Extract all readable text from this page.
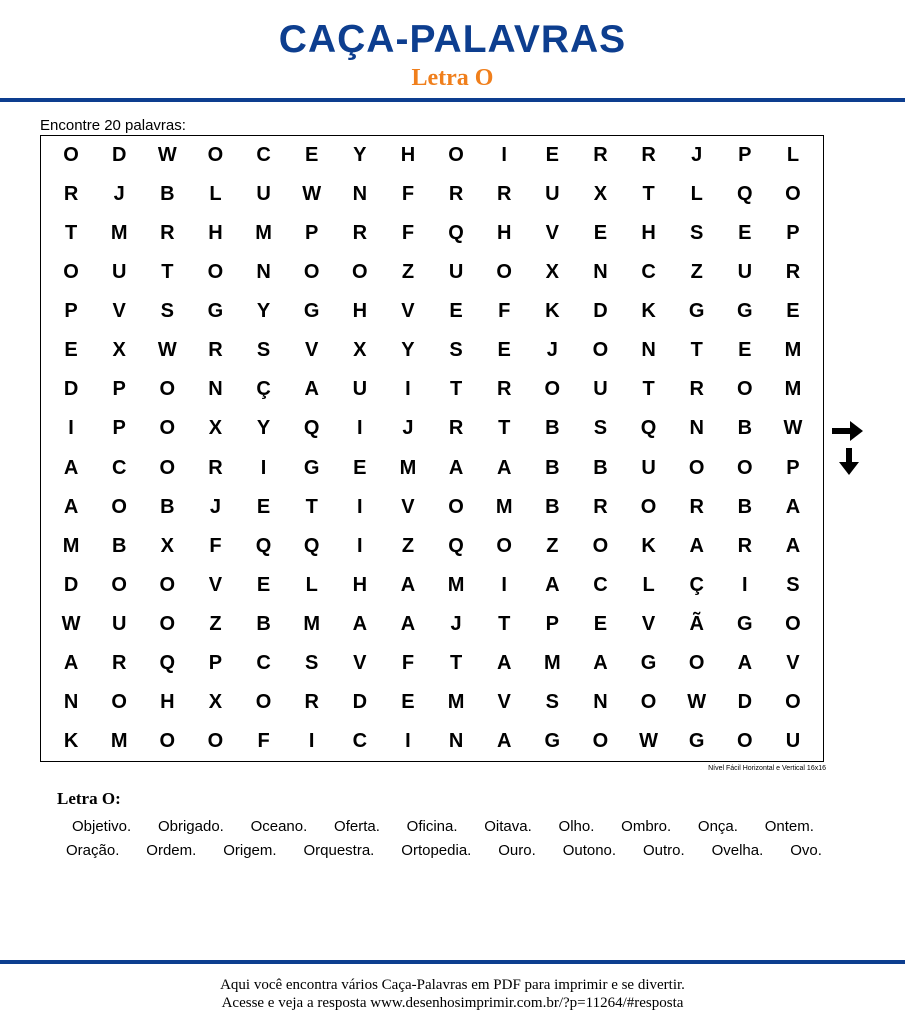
CAÇA-PALAVRAS
Letra O
Encontre 20 palavras:
O	D	W	O	C	E	Y	H	O	I	E	R	R	J	P	L
R	J	B	L	U	W	N	F	R	R	U	X	T	L	Q	O
T	M	R	H	M	P	R	F	Q	H	V	E	H	S	E	P
O	U	T	O	N	O	O	Z	U	O	X	N	C	Z	U	R
P	V	S	G	Y	G	H	V	E	F	K	D	K	G	G	E
E	X	W	R	S	V	X	Y	S	E	J	O	N	T	E	M
D	P	O	N	Ç	A	U	I	T	R	O	U	T	R	O	M
I	P	O	X	Y	Q	I	J	R	T	B	S	Q	N	B	W
A	C	O	R	I	G	E	M	A	A	B	B	U	O	O	P
A	O	B	J	E	T	I	V	O	M	B	R	O	R	B	A
M	B	X	F	Q	Q	I	Z	Q	O	Z	O	K	A	R	A
D	O	O	V	E	L	H	A	M	I	A	C	L	Ç	I	S
W	U	O	Z	B	M	A	A	J	T	P	E	V	Ã	G	O
A	R	Q	P	C	S	V	F	T	A	M	A	G	O	A	V
N	O	H	X	O	R	D	E	M	V	S	N	O	W	D	O
K	M	O	O	F	I	C	I	N	A	G	O	W	G	O	U
Nível Fácil Horizontal e Vertical 16x16
Letra O:
Objetivo. Obrigado. Oceano. Oferta. Oficina. Oitava. Olho. Ombro. Onça. Ontem.
Oração. Ordem. Origem. Orquestra. Ortopedia. Ouro. Outono. Outro. Ovelha. Ovo.
Aqui você encontra vários Caça-Palavras em PDF para imprimir e se divertir.
Acesse e veja a resposta www.desenhosimprimir.com.br/?p=11264/#resposta
